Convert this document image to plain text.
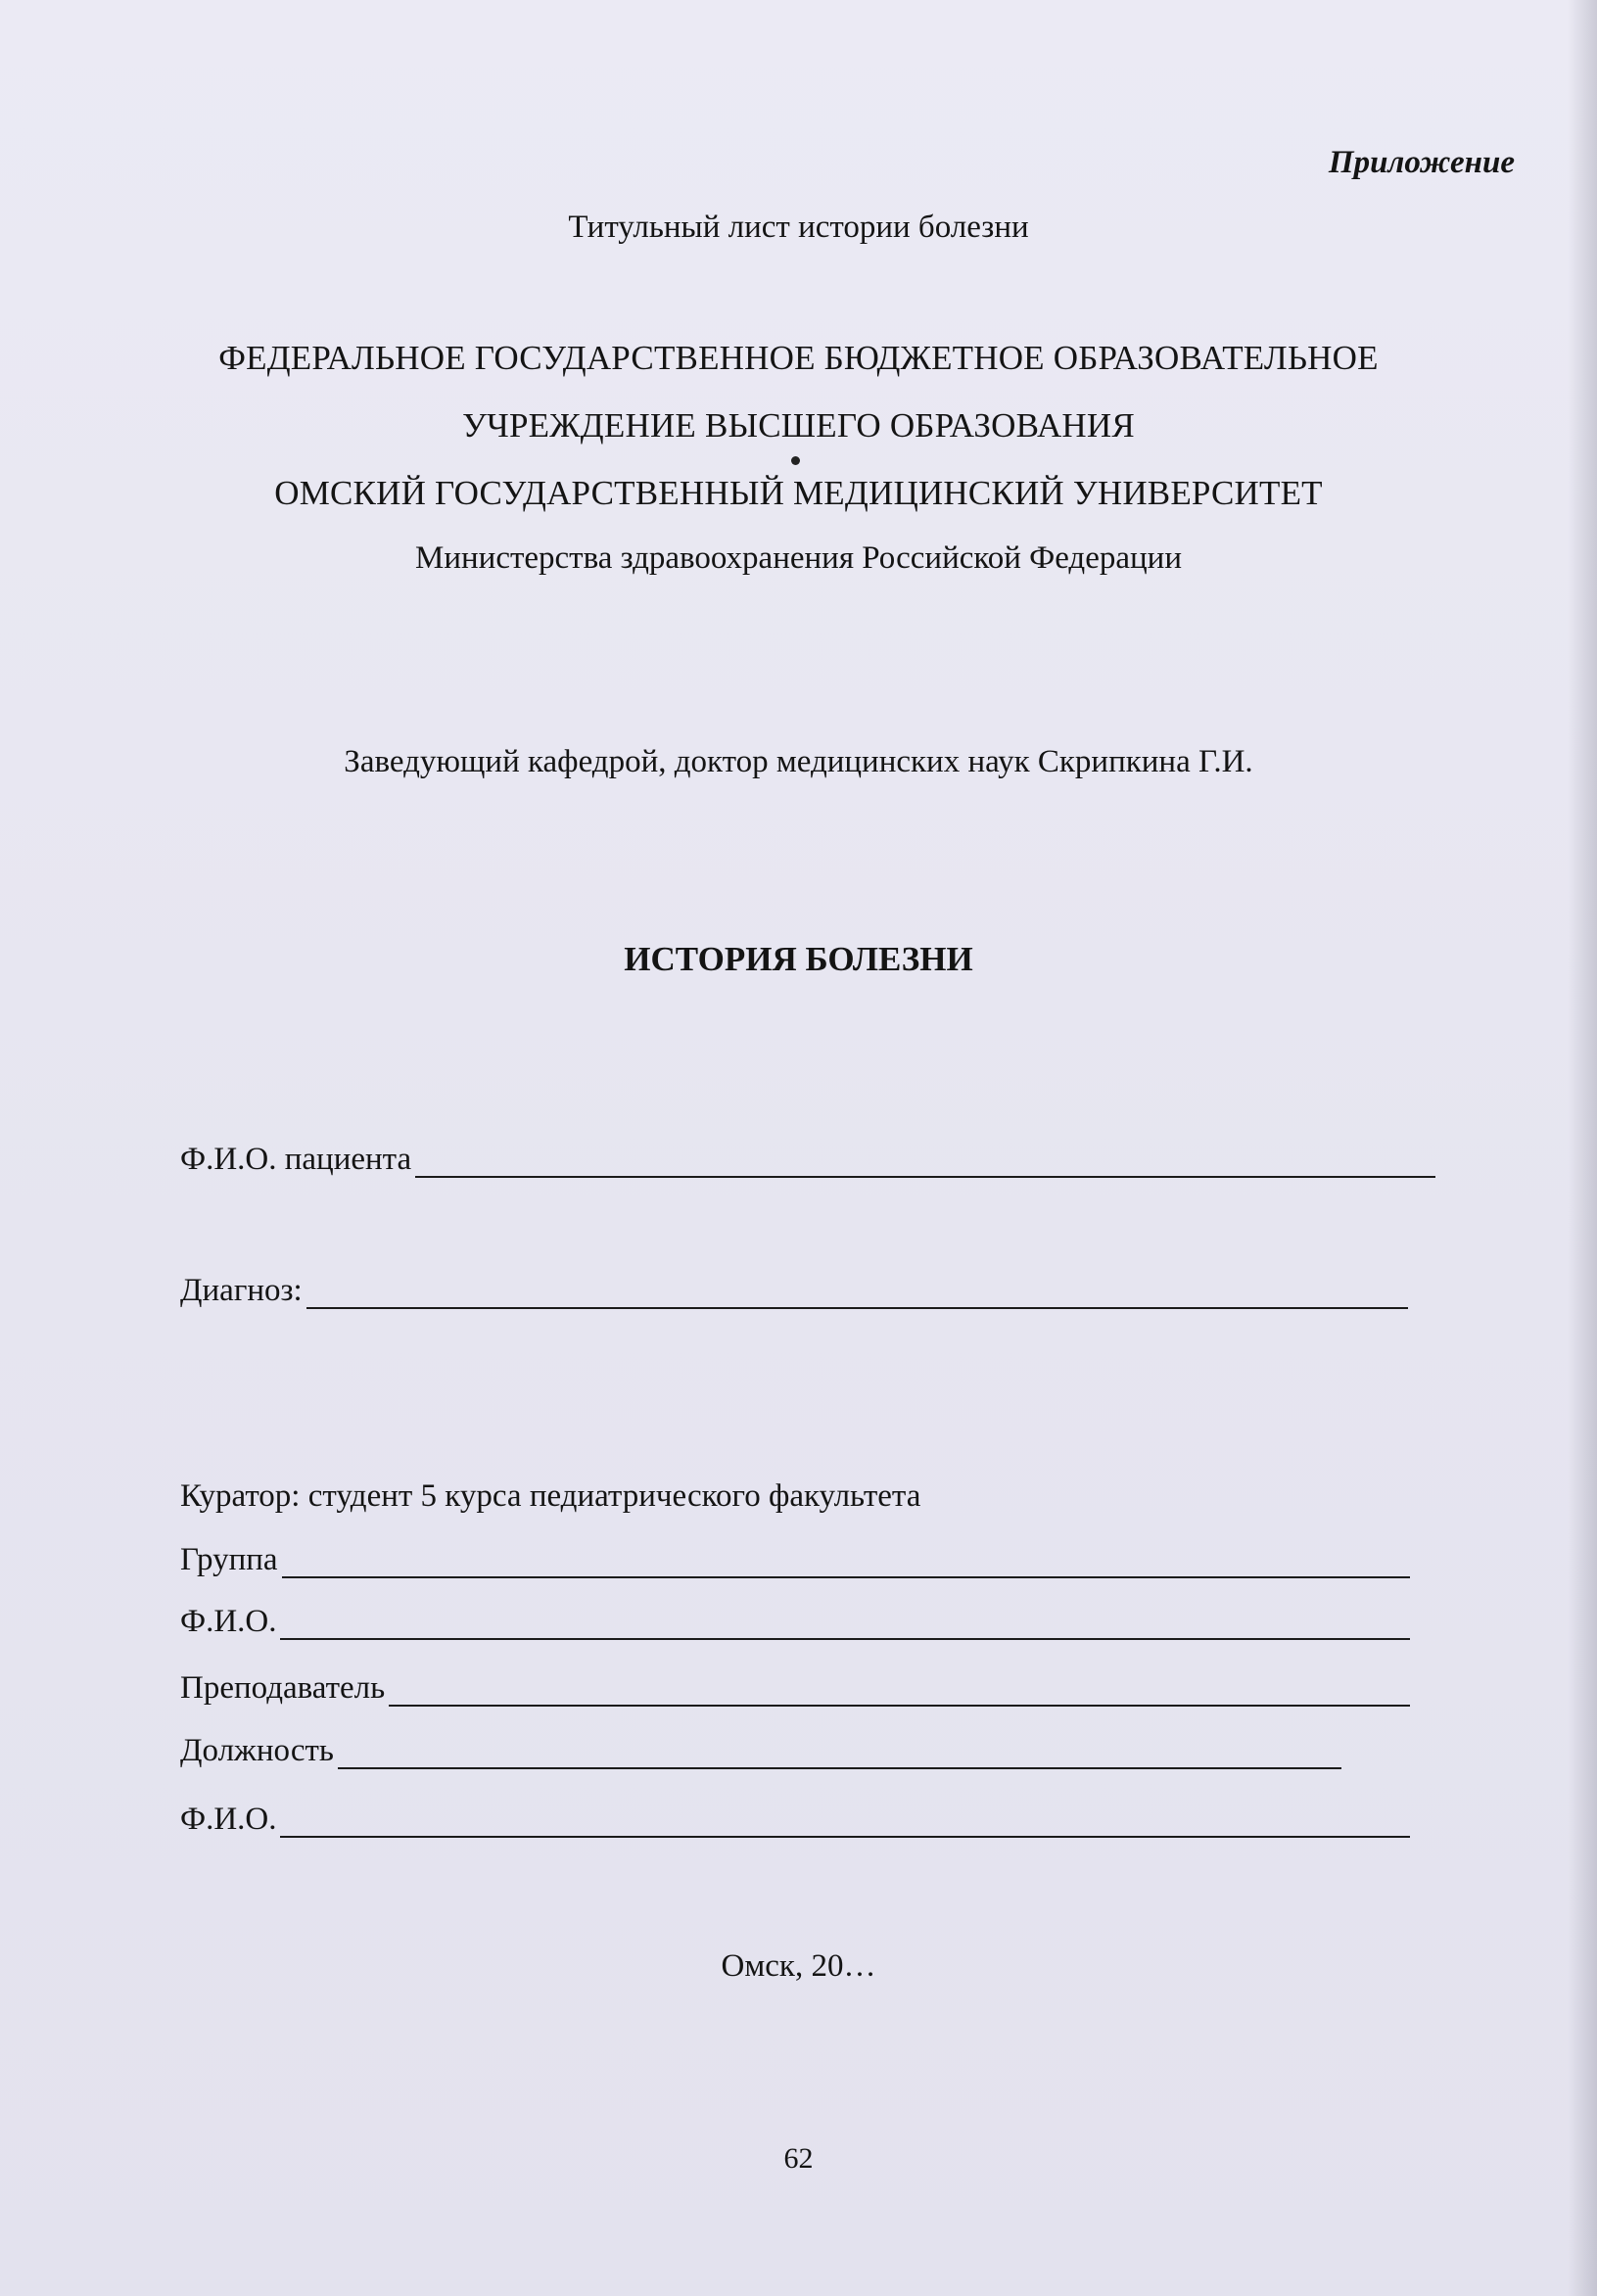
Приложение
Титульный лист истории болезни
ФЕДЕРАЛЬНОЕ ГОСУДАРСТВЕННОЕ БЮДЖЕТНОЕ ОБРАЗОВАТЕЛЬНОЕ
УЧРЕЖДЕНИЕ ВЫСШЕГО ОБРАЗОВАНИЯ
ОМСКИЙ ГОСУДАРСТВЕННЫЙ МЕДИЦИНСКИЙ УНИВЕРСИТЕТ
Министерства здравоохранения Российской Федерации
Заведующий кафедрой, доктор медицинских наук Скрипкина Г.И.
ИСТОРИЯ БОЛЕЗНИ
Ф.И.О. пациента
Диагноз:
Куратор: студент 5 курса педиатрического факультета
Группа
Ф.И.О.
Преподаватель
Должность
Ф.И.О.
Омск, 20…
62
